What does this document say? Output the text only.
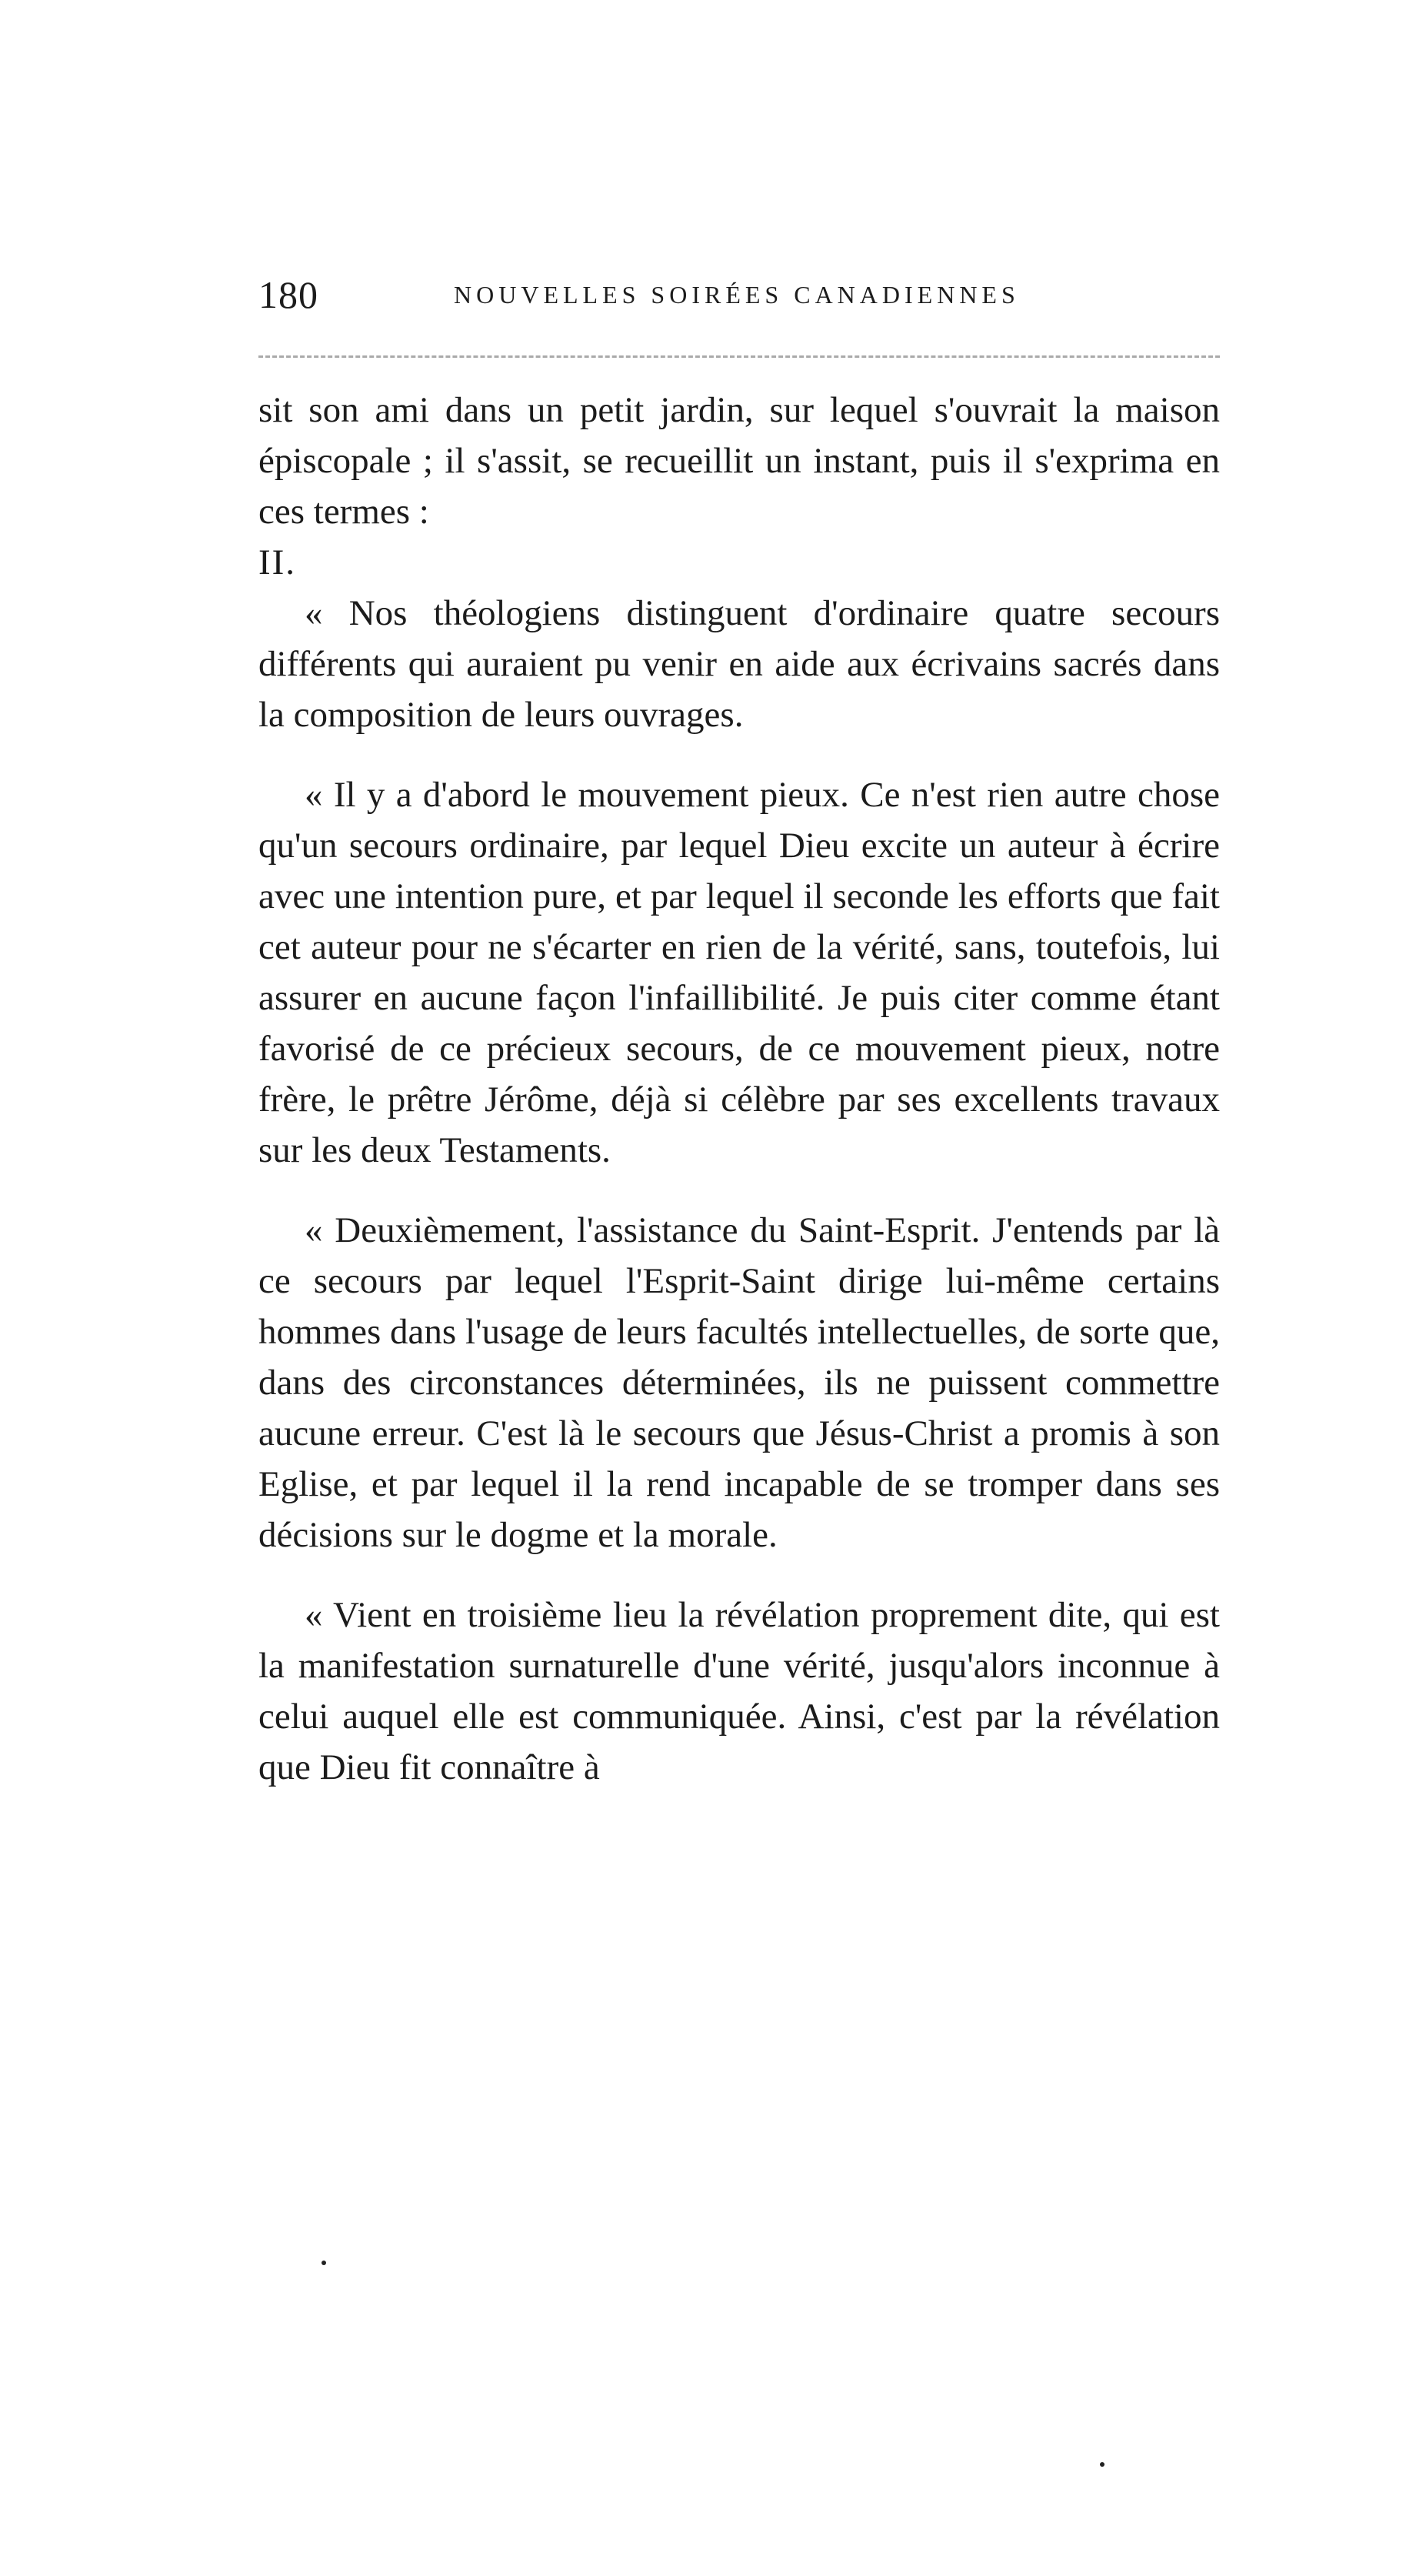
180	NOUVELLES SOIRÉES CANADIENNES

sit son ami dans un petit jardin, sur lequel s'ouvrait la maison épiscopale ; il s'assit, se recueillit un instant, puis il s'exprima en ces termes :

II.

« Nos théologiens distinguent d'ordinaire quatre secours différents qui auraient pu venir en aide aux écrivains sacrés dans la composition de leurs ouvrages.

« Il y a d'abord le mouvement pieux. Ce n'est rien autre chose qu'un secours ordinaire, par lequel Dieu excite un auteur à écrire avec une intention pure, et par lequel il seconde les efforts que fait cet auteur pour ne s'écarter en rien de la vérité, sans, toutefois, lui assurer en aucune façon l'infaillibilité. Je puis citer comme étant favorisé de ce précieux secours, de ce mouvement pieux, notre frère, le prêtre Jérôme, déjà si célèbre par ses excellents travaux sur les deux Testaments.

« Deuxièmement, l'assistance du Saint-Esprit. J'entends par là ce secours par lequel l'Esprit-Saint dirige lui-même certains hommes dans l'usage de leurs facultés intellectuelles, de sorte que, dans des circonstances déterminées, ils ne puissent commettre aucune erreur. C'est là le secours que Jésus-Christ a promis à son Eglise, et par lequel il la rend incapable de se tromper dans ses décisions sur le dogme et la morale.

« Vient en troisième lieu la révélation proprement dite, qui est la manifestation surnaturelle d'une vérité, jusqu'alors inconnue à celui auquel elle est communiquée. Ainsi, c'est par la révélation que Dieu fit connaître à
